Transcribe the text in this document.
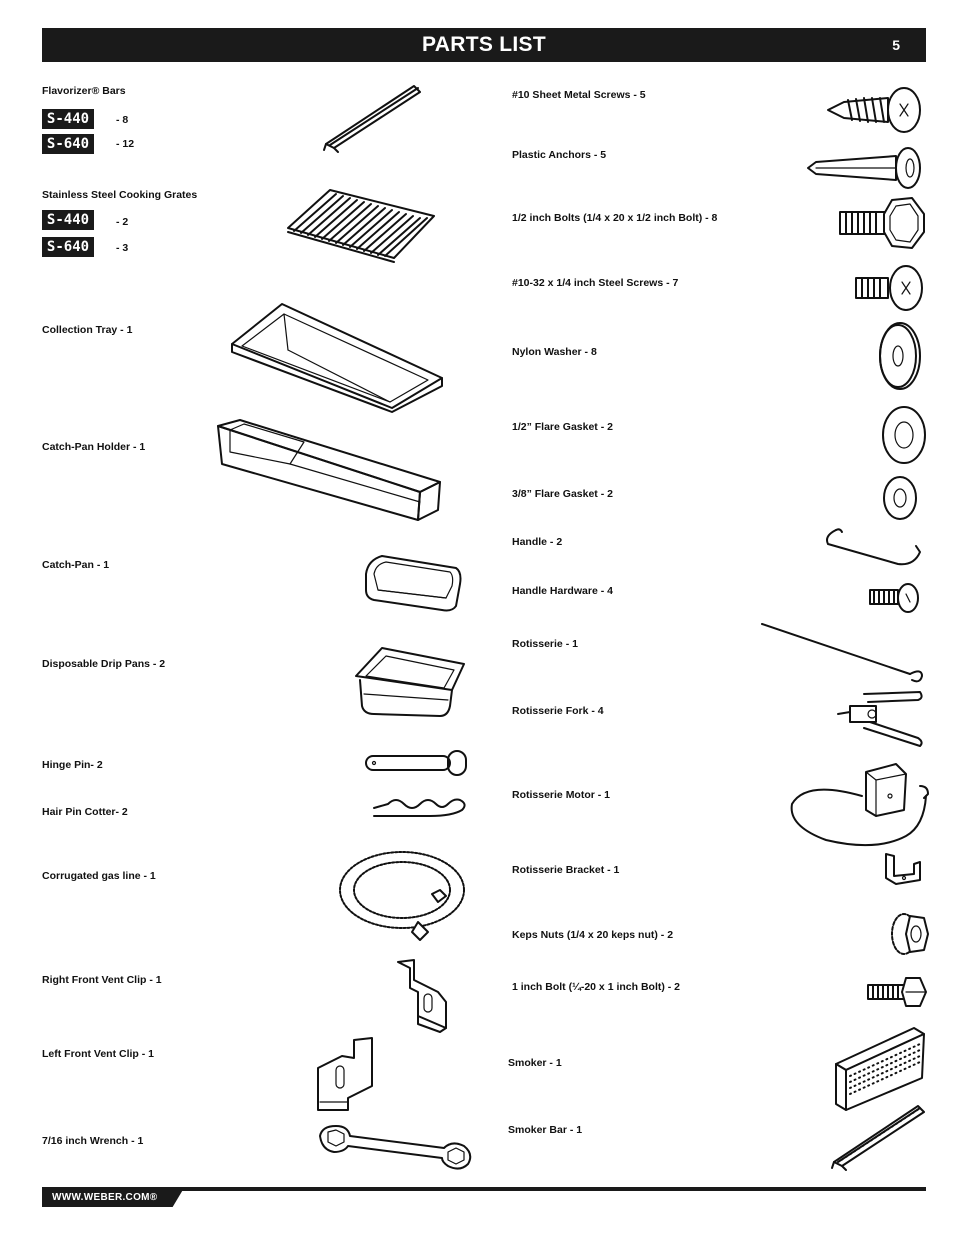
PARTS LIST	5
Flavorizer® Bars
S-440	- 8
S-640	- 12
Stainless Steel Cooking Grates
S-440	- 2
S-640	- 3
Collection Tray - 1
Catch-Pan Holder - 1
Catch-Pan - 1
Disposable Drip Pans - 2
Hinge Pin- 2
Hair Pin Cotter- 2
Corrugated gas line - 1
Right Front Vent Clip - 1
Left Front Vent Clip - 1
7/16 inch Wrench - 1
#10 Sheet Metal Screws - 5
Plastic Anchors - 5
1/2 inch Bolts (1/4 x 20 x 1/2 inch Bolt) - 8
#10-32 x 1/4 inch Steel Screws - 7
Nylon Washer - 8
1/2” Flare Gasket - 2
3/8” Flare Gasket - 2
Handle - 2
Handle Hardware - 4
Rotisserie - 1
Rotisserie Fork - 4
Rotisserie Motor - 1
Rotisserie Bracket - 1
Keps Nuts (1/4 x 20 keps nut) - 2
1 inch Bolt (¼-20 x 1 inch Bolt) - 2
Smoker - 1
Smoker Bar - 1
WWW.WEBER.COM®
